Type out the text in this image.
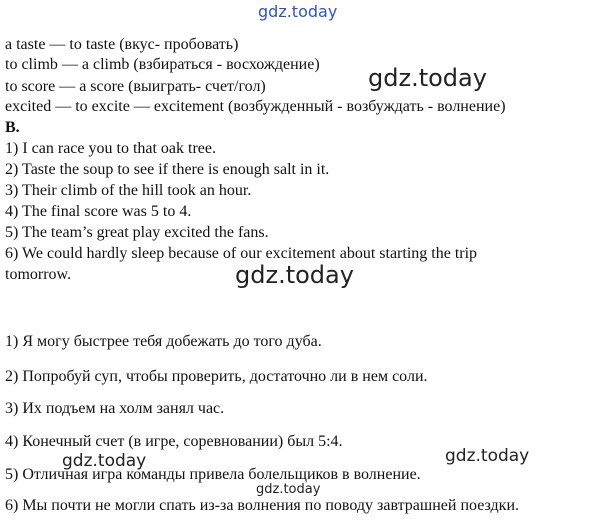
gdz.today
gdz.today
gdz.today
gdz.today
gdz.today
gdz.today
a taste — to taste (вкус- пробовать)
to climb — a climb (взбираться - восхождение)
to score — a score (выиграть- счет/гол)
excited — to excite — excitement (возбужденный - возбуждать - волнение)
B.
1) I can race you to that oak tree.
2) Taste the soup to see if there is enough salt in it.
3) Their climb of the hill took an hour.
4) The final score was 5 to 4.
5) The team’s great play excited the fans.
6) We could hardly sleep because of our excitement about starting the trip
tomorrow.
1) Я могу быстрее тебя добежать до того дуба.
2) Попробуй суп, чтобы проверить, достаточно ли в нем соли.
3) Их подъем на холм занял час.
4) Конечный счет (в игре, соревновании) был 5:4.
5) Отличная игра команды привела болельщиков в волнение.
6) Мы почти не могли спать из-за волнения по поводу завтрашней поездки.
